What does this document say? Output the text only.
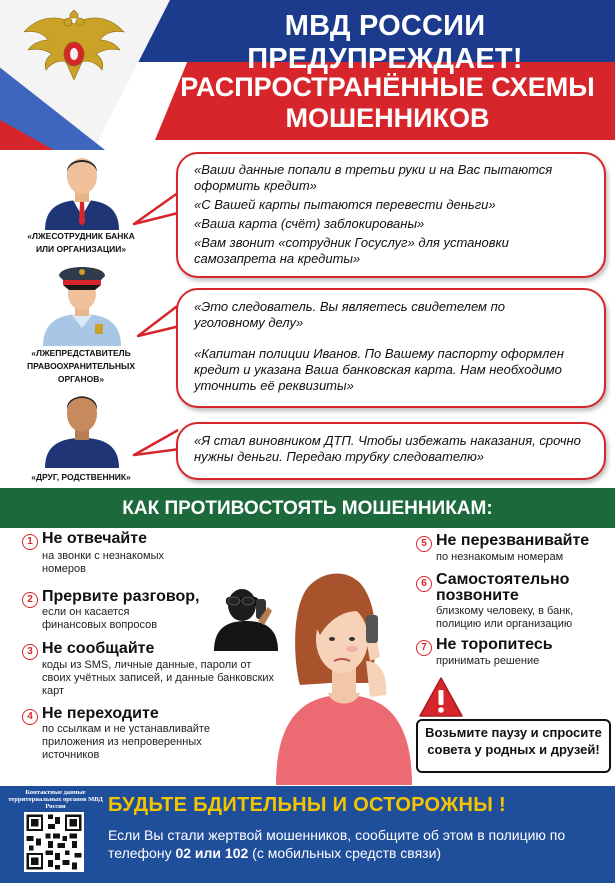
МВД РОССИИ ПРЕДУПРЕЖДАЕТ!
РАСПРОСТРАНЁННЫЕ СХЕМЫ
МОШЕННИКОВ
«ЛЖЕСОТРУДНИК БАНКА
ИЛИ ОРГАНИЗАЦИИ»

«Ваши данные попали в третьи руки и на Вас пытаются оформить кредит»

«С Вашей карты пытаются перевести деньги»

«Ваша карта (счёт) заблокированы»

«Вам звонит «сотрудник Госуслуг» для установки самозапрета на кредиты»

«ЛЖЕПРЕДСТАВИТЕЛЬ
ПРАВООХРАНИТЕЛЬНЫХ
ОРГАНОВ»

«Это следователь. Вы являетесь свидетелем по уголовному делу»

«Капитан полиции Иванов. По Вашему паспорту оформлен кредит и указана Ваша банковская карта. Нам необходимо уточнить её реквизиты»

«ДРУГ, РОДСТВЕННИК»

«Я стал виновником ДТП. Чтобы избежать наказания, срочно нужны деньги. Передаю трубку следователю»

КАК ПРОТИВОСТОЯТЬ МОШЕННИКАМ:
1 Не отвечайте
на звонки с незнакомых номеров
2 Прервите разговор,
если он касается финансовых вопросов
3 Не сообщайте
коды из SMS, личные данные, пароли от своих учётных записей, и данные банковских карт
4 Не переходите
по ссылкам и не устанавливайте приложения из непроверенных источников
5 Не перезванивайте
по незнакомым номерам
6 Самостоятельно позвоните
близкому человеку, в банк, полицию или организацию
7 Не торопитесь
принимать решение
Возьмите паузу и спросите
совета у родных и друзей!
Контактные данные территориальных органов МВД России	БУДЬТЕ БДИТЕЛЬНЫ И ОСТОРОЖНЫ !
Если Вы стали жертвой мошенников, сообщите об этом в полицию по телефону 02 или 102 (с мобильных средств связи)
